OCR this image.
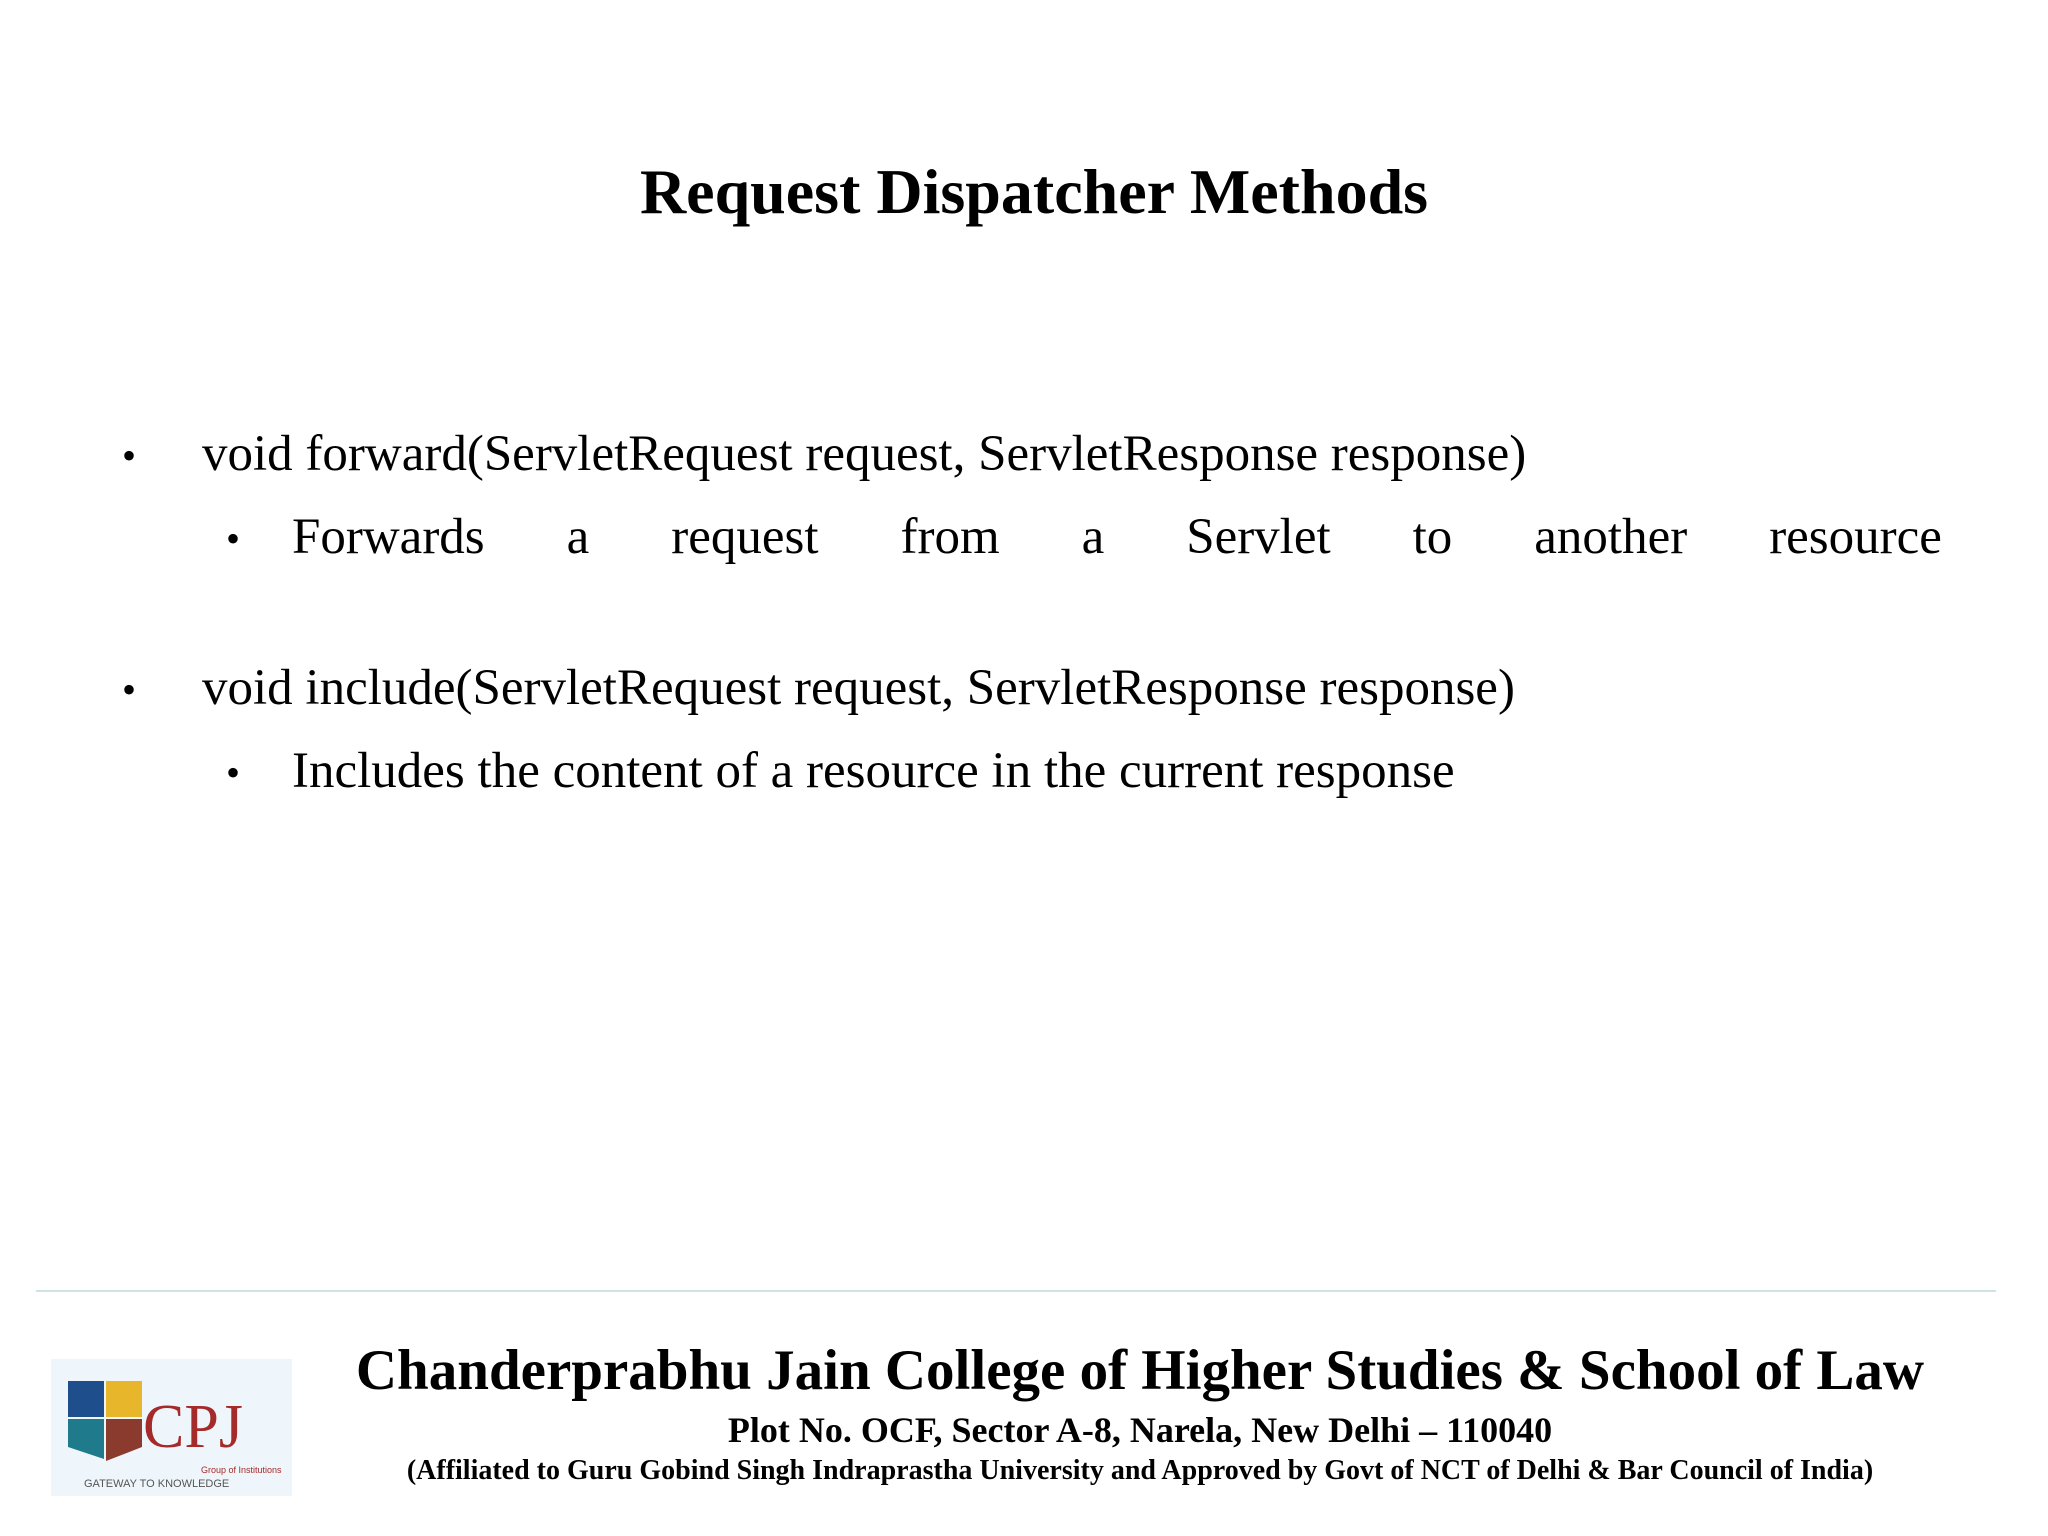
Request Dispatcher Methods
• void forward(ServletRequest request, ServletResponse response)
• Forwards a request from a Servlet to another resource
• void include(ServletRequest request, ServletResponse response)
• Includes the content of a resource in the current response
CPJ
Group of Institutions
GATEWAY TO KNOWLEDGE
Chanderprabhu Jain College of Higher Studies & School of Law
Plot No. OCF, Sector A-8, Narela, New Delhi – 110040
(Affiliated to Guru Gobind Singh Indraprastha University and Approved by Govt of NCT of Delhi & Bar Council of India)
